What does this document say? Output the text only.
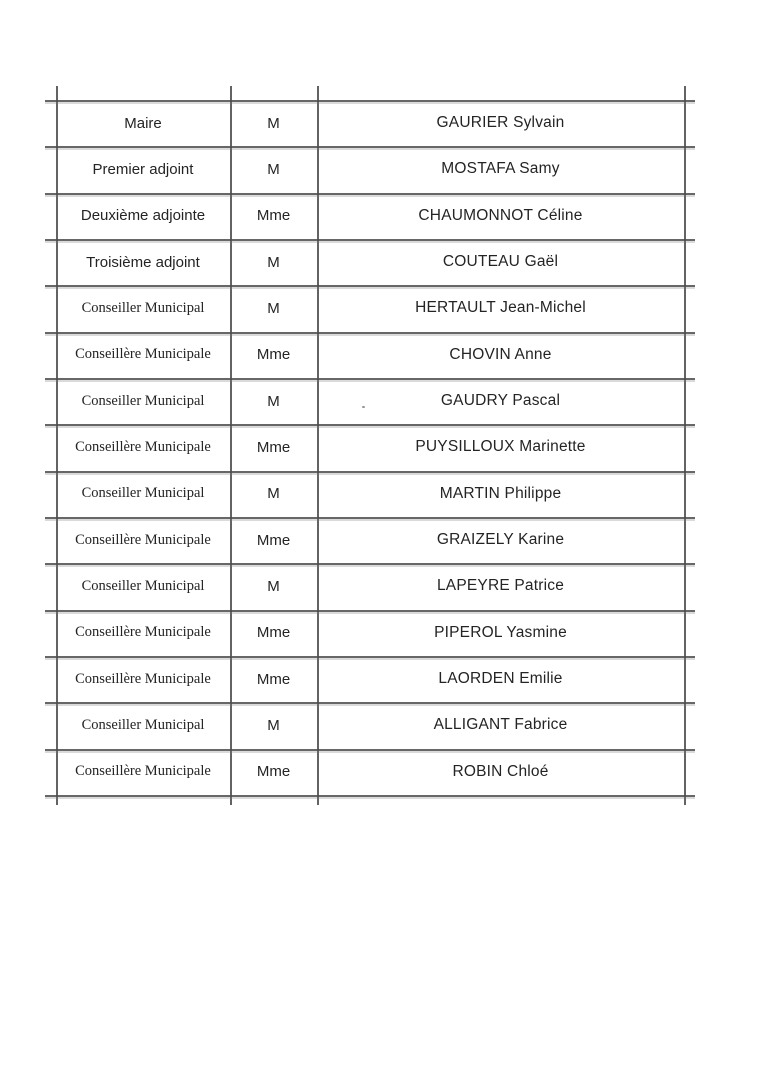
Maire	M	GAURIER Sylvain
Premier adjoint	M	MOSTAFA Samy
Deuxième adjointe	Mme	CHAUMONNOT Céline
Troisième adjoint	M	COUTEAU Gaël
Conseiller Municipal	M	HERTAULT Jean-Michel
Conseillère Municipale	Mme	CHOVIN Anne
Conseiller Municipal	M	GAUDRY Pascal
Conseillère Municipale	Mme	PUYSILLOUX Marinette
Conseiller Municipal	M	MARTIN Philippe
Conseillère Municipale	Mme	GRAIZELY Karine
Conseiller Municipal	M	LAPEYRE Patrice
Conseillère Municipale	Mme	PIPEROL Yasmine
Conseillère Municipale	Mme	LAORDEN Emilie
Conseiller Municipal	M	ALLIGANT Fabrice
Conseillère Municipale	Mme	ROBIN Chloé
